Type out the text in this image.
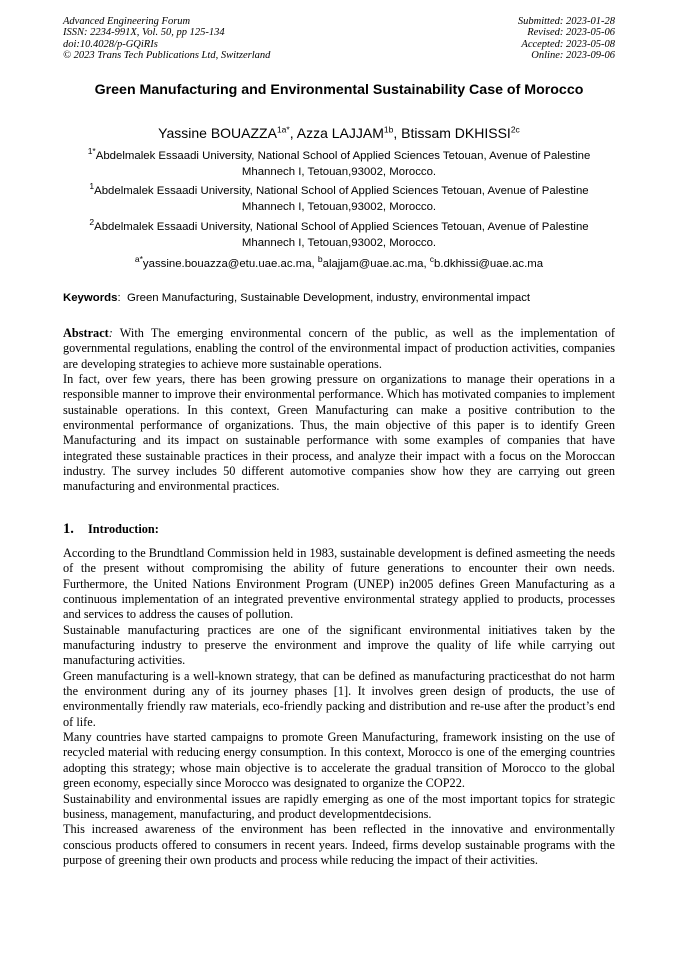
Advanced Engineering Forum
ISSN: 2234-991X, Vol. 50, pp 125-134
doi:10.4028/p-GQiRIs
© 2023 Trans Tech Publications Ltd, Switzerland
Submitted: 2023-01-28
Revised: 2023-05-06
Accepted: 2023-05-08
Online: 2023-09-06
Green Manufacturing and Environmental Sustainability Case of Morocco
Yassine $BOUAZZA^{1a*}$, Azza $LAJJAM^{1b}$, Btissam $DKHISSI^{2c}$
$^{1*}$Abdelmalek Essaadi University, National School of Applied Sciences Tetouan, Avenue of Palestine Mhannech I, Tetouan,93002, Morocco.
$^1$Abdelmalek Essaadi University, National School of Applied Sciences Tetouan, Avenue of Palestine Mhannech I, Tetouan,93002, Morocco.
$^2$Abdelmalek Essaadi University, National School of Applied Sciences Tetouan, Avenue of Palestine Mhannech I, Tetouan,93002, Morocco.
$^{a*}$yassine.bouazza@etu.uae.ac.ma, $^b$alajjam@uae.ac.ma, $^c$b.dkhissi@uae.ac.ma
Keywords: Green Manufacturing, Sustainable Development, industry, environmental impact

Abstract: With The emerging environmental concern of the public, as well as the implementation of governmental regulations, enabling the control of the environmental impact of production activities, companies are developing strategies to achieve more sustainable operations.

In fact, over few years, there has been growing pressure on organizations to manage their operations in a responsible manner to improve their environmental performance. Which has motivated companies to implement sustainable operations. In this context, Green Manufacturing can make a positive contribution to the environmental performance of organizations. Thus, the main objective of this paper is to identify Green Manufacturing and its impact on sustainable performance with some examples of companies that have integrated these sustainable practices in their process, and analyze their impact with a focus on the Moroccan industry. The survey includes 50 different automotive companies show how they are carrying out green manufacturing and environmental practices.

1. Introduction:

According to the Brundtland Commission held in 1983, sustainable development is defined asmeeting the needs of the present without compromising the ability of future generations to encounter their own needs. Furthermore, the United Nations Environment Program (UNEP) in2005 defines Green Manufacturing as a continuous implementation of an integrated preventive environmental strategy applied to products, processes and services to address the causes of pollution.

Sustainable manufacturing practices are one of the significant environmental initiatives taken by the manufacturing industry to preserve the environment and improve the quality of life while carrying out manufacturing activities.

Green manufacturing is a well-known strategy, that can be defined as manufacturing practicesthat do not harm the environment during any of its journey phases [1]. It involves green design of products, the use of environmentally friendly raw materials, eco-friendly packing and distribution and re-use after the product’s end of life.

Many countries have started campaigns to promote Green Manufacturing, framework insisting on the use of recycled material with reducing energy consumption. In this context, Morocco is one of the emerging countries adopting this strategy; whose main objective is to accelerate the gradual transition of Morocco to the global green economy, especially since Morocco was designated to organize the COP22.

Sustainability and environmental issues are rapidly emerging as one of the most important topics for strategic business, management, manufacturing, and product developmentdecisions.

This increased awareness of the environment has been reflected in the innovative and environmentally conscious products offered to consumers in recent years. Indeed, firms develop sustainable programs with the purpose of greening their own products and process while reducing the impact of their activities.
